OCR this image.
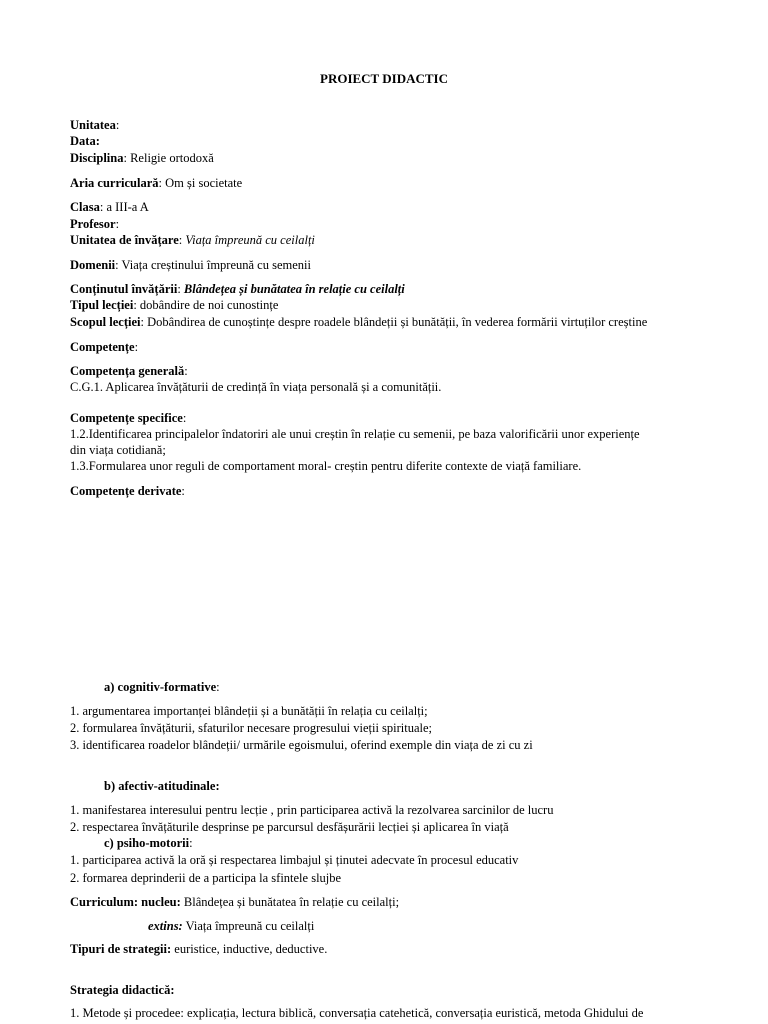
PROIECT DIDACTIC
Unitatea:
Data:
Disciplina: Religie ortodoxă
Aria curriculară: Om și societate
Clasa: a III-a A
Profesor:
Unitatea de învățare: Viața împreună cu ceilalți
Domenii: Viața creștinului împreună cu semenii
Conținutul învățării: Blândețea și bunătatea în relație cu ceilalți
Tipul lecției: dobândire de noi cunostințe
Scopul lecției: Dobândirea de cunoștințe despre roadele blândeții și bunătății, în vederea formării virtuților creștine
Competențe:
Competența generală:
C.G.1. Aplicarea învățăturii de credință în viața personală și a comunității.
Competențe specifice:
1.2.Identificarea principalelor îndatoriri ale unui creștin în relație cu semenii, pe baza valorificării unor experiențe
din viața cotidiană;
1.3.Formularea unor reguli de comportament moral- creștin pentru diferite contexte de viață familiare.
Competențe derivate:
a) cognitiv-formative:
1. argumentarea importanței blândeții și a bunătății în relația cu ceilalți;
2. formularea învățăturii, sfaturilor necesare progresului vieții spirituale;
3. identificarea roadelor blândeții/ urmările egoismului, oferind exemple din viața de zi cu zi
b) afectiv-atitudinale:
1. manifestarea interesului pentru lecție , prin participarea activă la rezolvarea sarcinilor de lucru
2. respectarea învățăturile desprinse pe parcursul desfășurării lecției și aplicarea în viață
c) psiho-motorii:
1. participarea activă la oră și respectarea limbajul și ținutei adecvate în procesul educativ
2. formarea deprinderii de a participa la sfintele slujbe
Curriculum: nucleu: Blândețea și bunătatea în relație cu ceilalți;
extins: Viața împreună cu ceilalți
Tipuri de strategii: euristice, inductive, deductive.
Strategia didactică:
1. Metode și procedee: explicația, lectura biblică, conversația catehetică, conversația euristică, metoda Ghidului de
